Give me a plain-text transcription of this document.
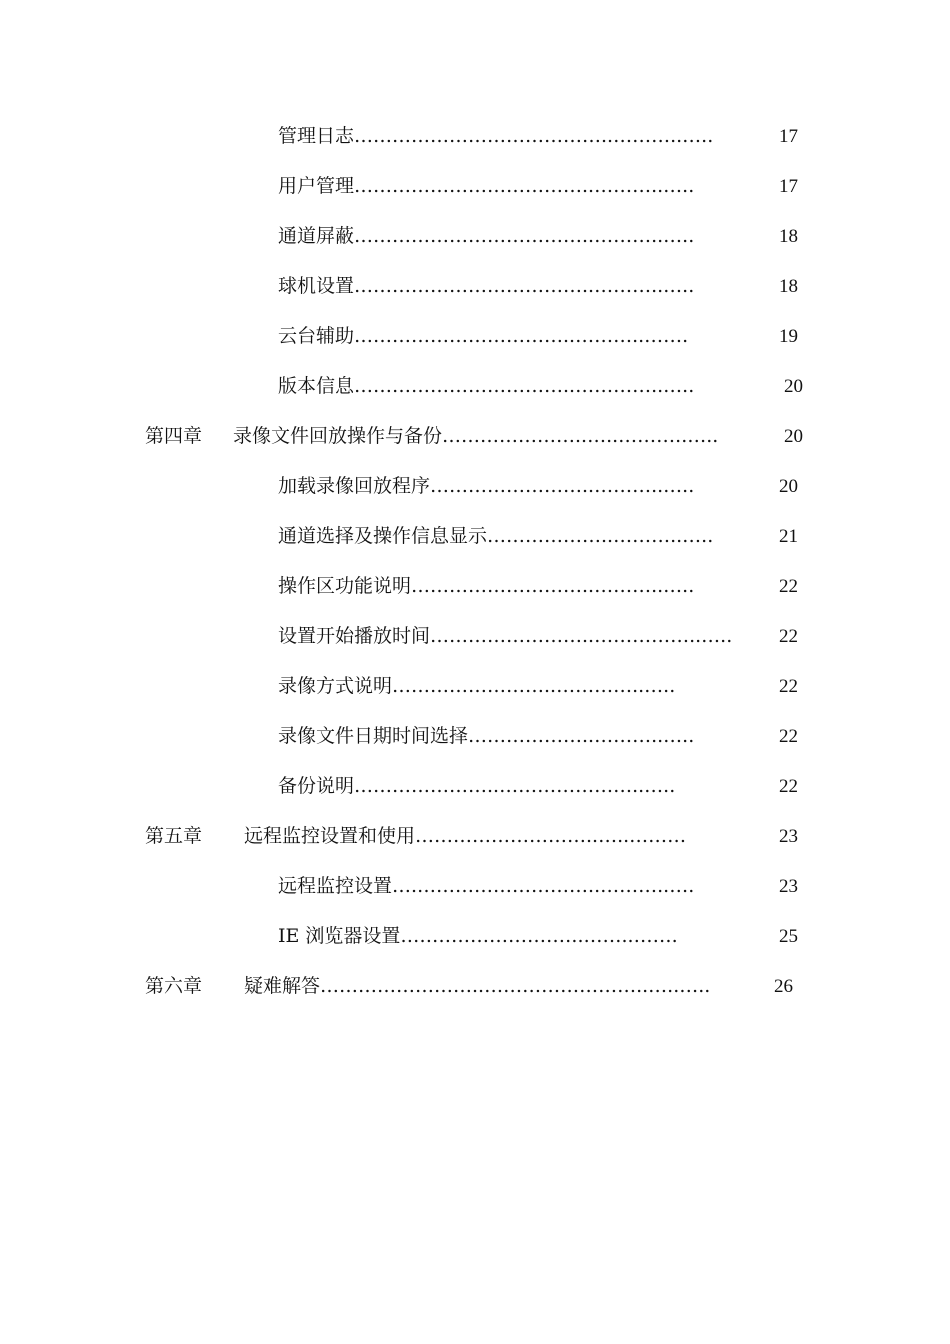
管理日志 …………………………………..………..…..	17
用户管理 ………………………………..………..…..	17
通道屏蔽 ………………………………..………..…..	18
球机设置 ………………………………..………..…..	18
云台辅助 ……………………………..………..…….	19
版本信息 ……………………………..…………..…..	20
第四章	录像文件回放操作与备份 …………………..…..………..…..	20
加载录像回放程序 ……………………..………..…..	20
通道选择及操作信息显示 ………………..………..…..	21
操作区功能说明 ………………………..………..…..	22
设置开始播放时间 ……………………..……………..…..	22
录像方式说明 ……………………..…………..…..	22
录像文件日期时间选择 ………………..………..…..	22
备份说明 …………………..…………………..…..	22
第五章	远程监控设置和使用 ………………………..…..………	23
远程监控设置 ….………………………..………..….	23
IE 浏览器设置 ………………………..……..…….	25
第六章	疑难解答 ……………………..……………………..…..…..	26
